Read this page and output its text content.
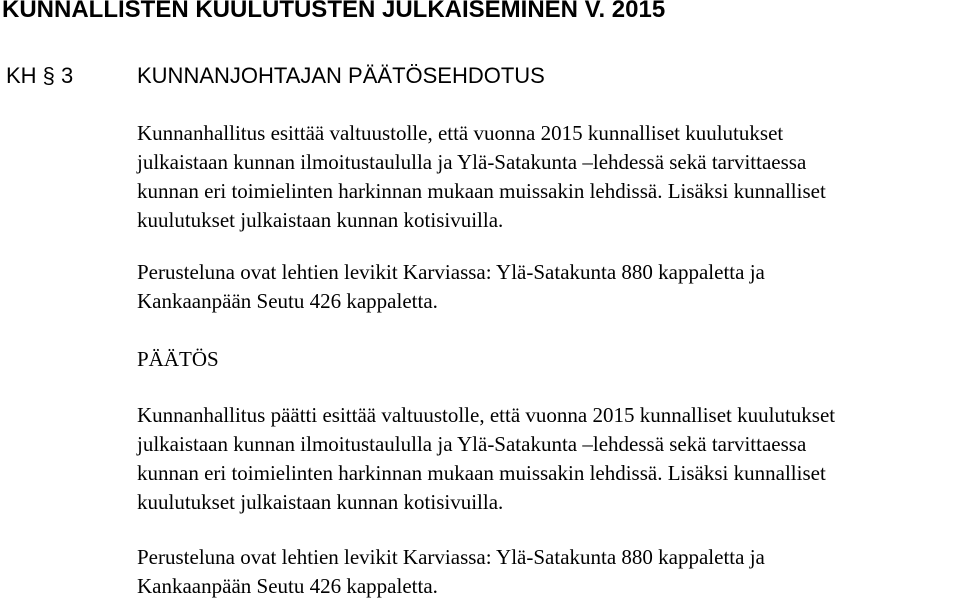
KUNNALLISTEN KUULUTUSTEN JULKAISEMINEN V. 2015
KH § 3	KUNNANJOHTAJAN PÄÄTÖSEHDOTUS

Kunnanhallitus esittää valtuustolle, että vuonna 2015 kunnalliset kuulutukset
julkaistaan kunnan ilmoitustaululla ja Ylä-Satakunta –lehdessä sekä tarvittaessa
kunnan eri toimielinten harkinnan mukaan muissakin lehdissä. Lisäksi kunnalliset
kuulutukset julkaistaan kunnan kotisivuilla.

Perusteluna ovat lehtien levikit Karviassa: Ylä-Satakunta 880 kappaletta ja
Kankaanpään Seutu 426 kappaletta.

PÄÄTÖS

Kunnanhallitus päätti esittää valtuustolle, että vuonna 2015 kunnalliset kuulutukset
julkaistaan kunnan ilmoitustaululla ja Ylä-Satakunta –lehdessä sekä tarvittaessa
kunnan eri toimielinten harkinnan mukaan muissakin lehdissä. Lisäksi kunnalliset
kuulutukset julkaistaan kunnan kotisivuilla.

Perusteluna ovat lehtien levikit Karviassa: Ylä-Satakunta 880 kappaletta ja
Kankaanpään Seutu 426 kappaletta.
